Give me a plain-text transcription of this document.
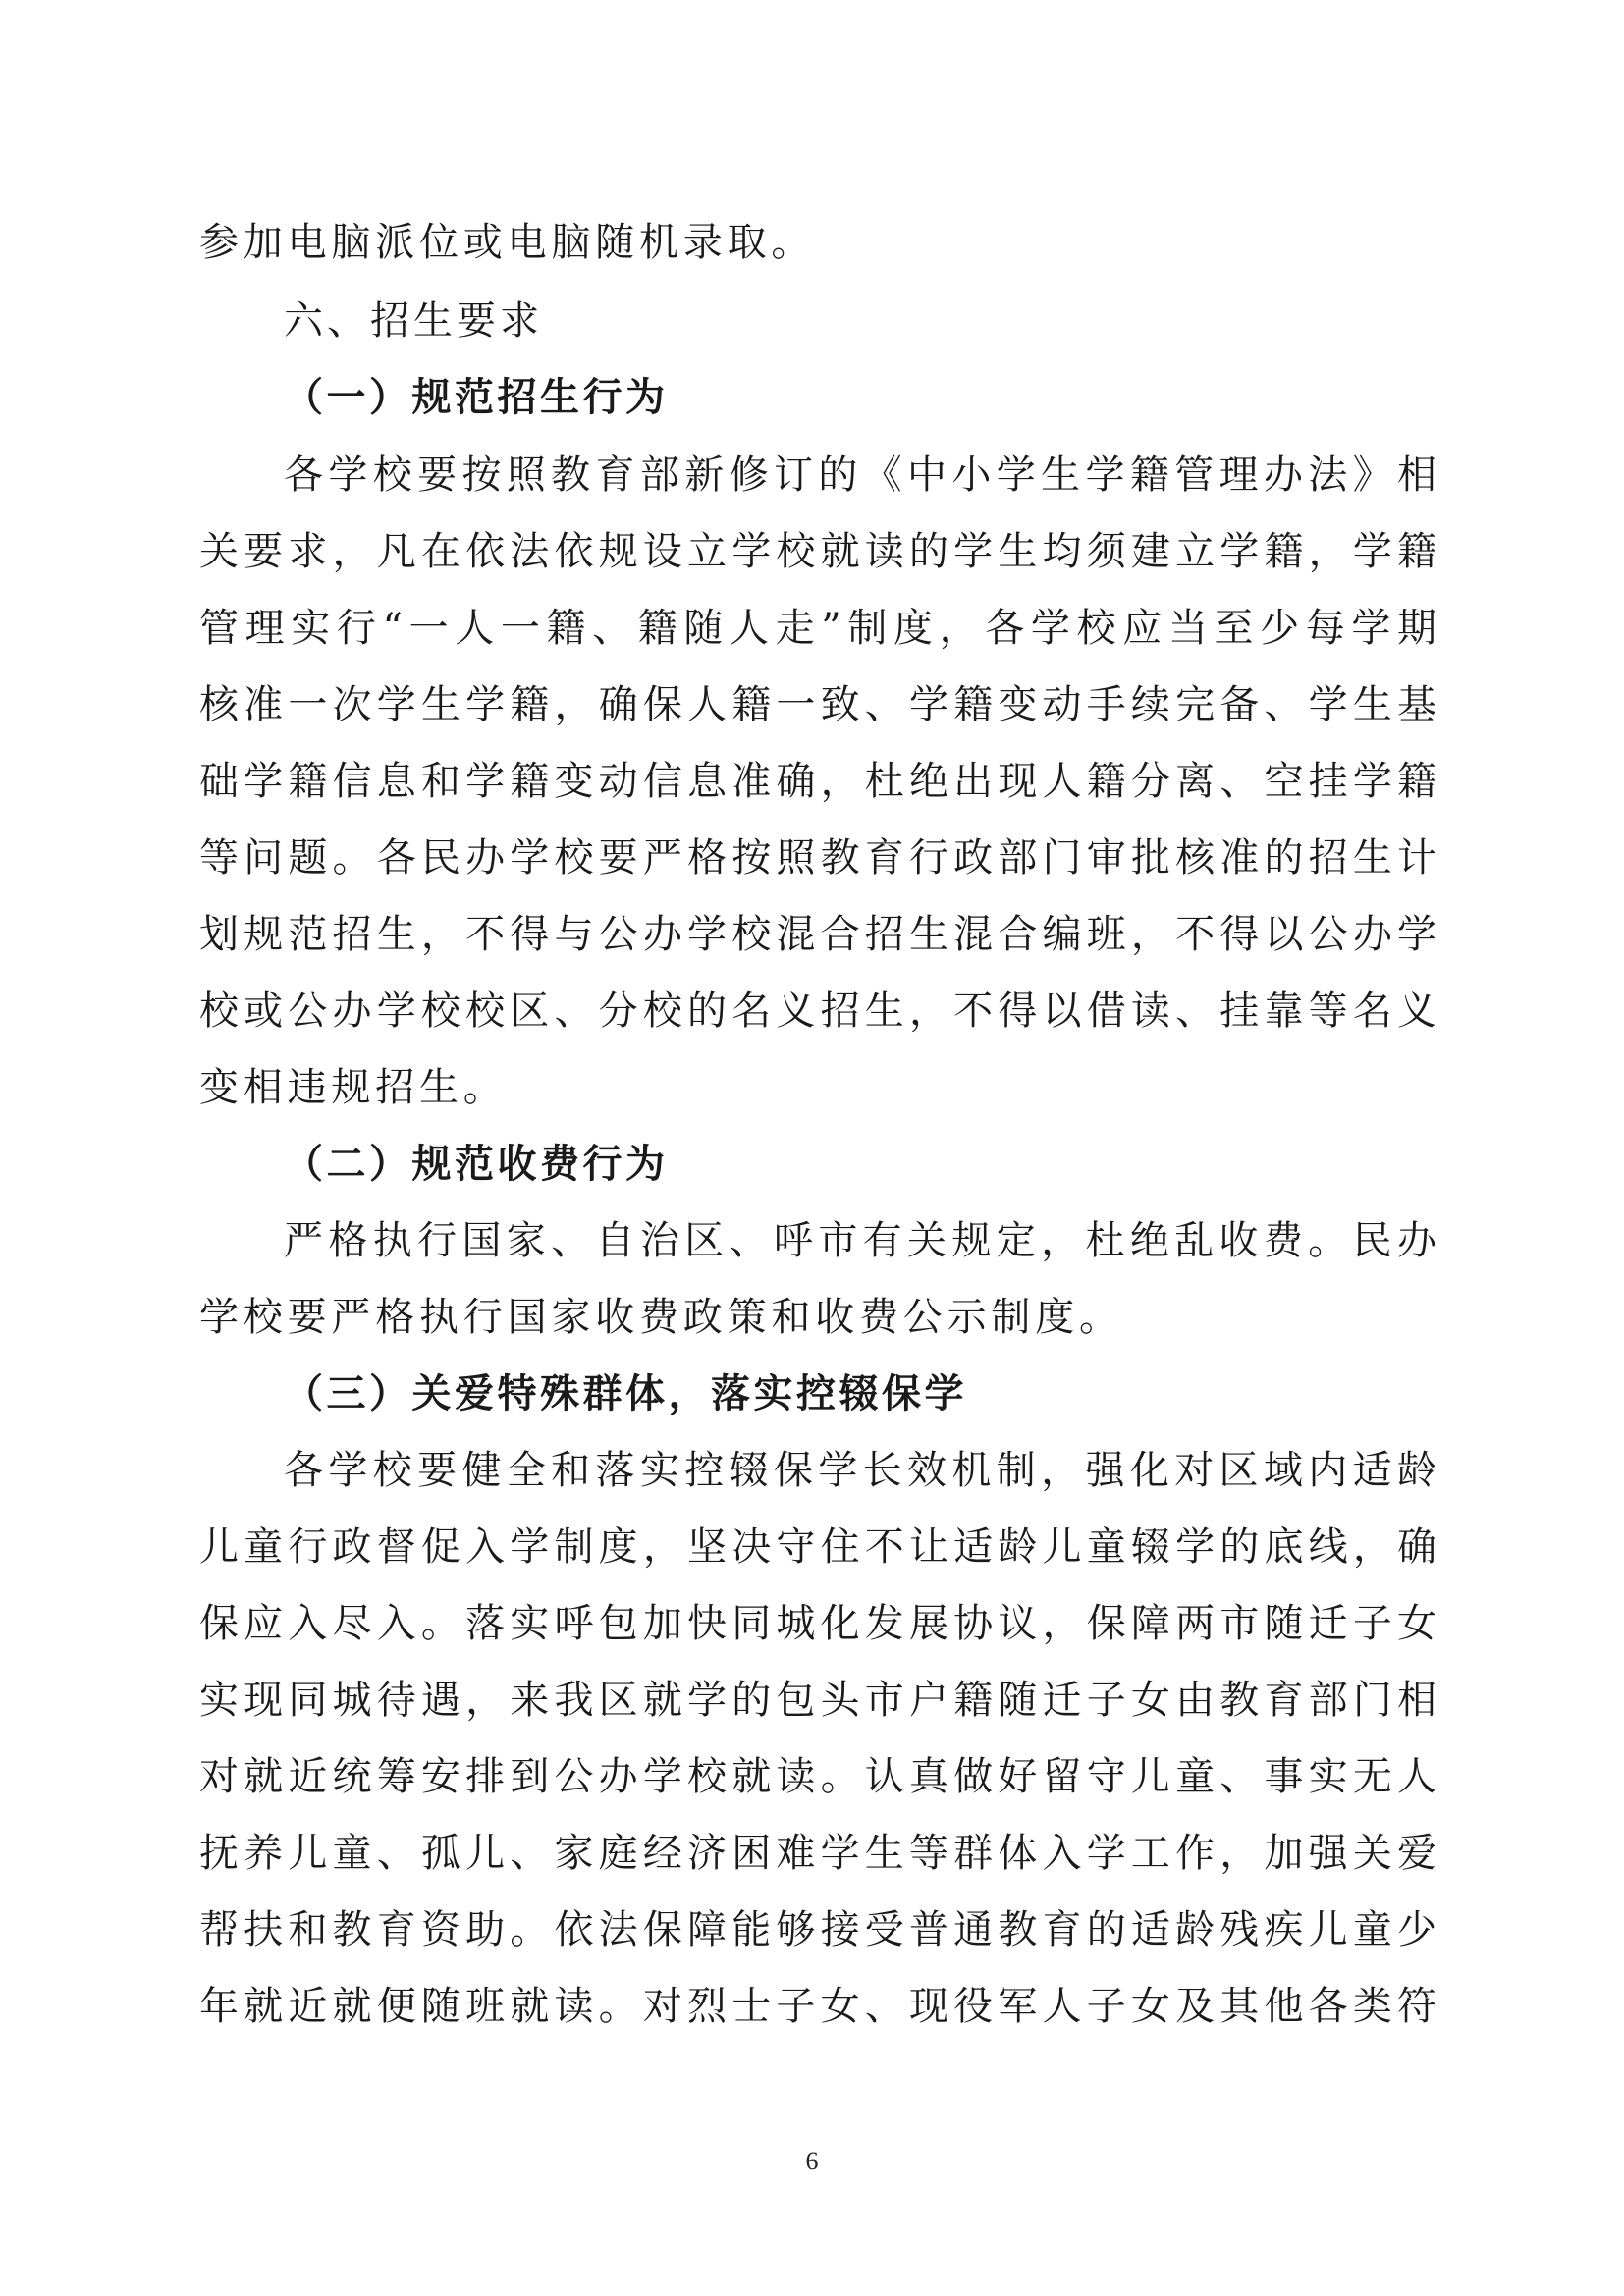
参加电脑派位或电脑随机录取。
六、招生要求
（一）规范招生行为
各学校要按照教育部新修订的《中小学生学籍管理办法》相
关要求，凡在依法依规设立学校就读的学生均须建立学籍，学籍
管理实行“一人一籍、籍随人走”制度，各学校应当至少每学期
核准一次学生学籍，确保人籍一致、学籍变动手续完备、学生基
础学籍信息和学籍变动信息准确，杜绝出现人籍分离、空挂学籍
等问题。各民办学校要严格按照教育行政部门审批核准的招生计
划规范招生，不得与公办学校混合招生混合编班，不得以公办学
校或公办学校校区、分校的名义招生，不得以借读、挂靠等名义
变相违规招生。
（二）规范收费行为
严格执行国家、自治区、呼市有关规定，杜绝乱收费。民办
学校要严格执行国家收费政策和收费公示制度。
（三）关爱特殊群体，落实控辍保学
各学校要健全和落实控辍保学长效机制，强化对区域内适龄
儿童行政督促入学制度，坚决守住不让适龄儿童辍学的底线，确
保应入尽入。落实呼包加快同城化发展协议，保障两市随迁子女
实现同城待遇，来我区就学的包头市户籍随迁子女由教育部门相
对就近统筹安排到公办学校就读。认真做好留守儿童、事实无人
抚养儿童、孤儿、家庭经济困难学生等群体入学工作，加强关爱
帮扶和教育资助。依法保障能够接受普通教育的适龄残疾儿童少
年就近就便随班就读。对烈士子女、现役军人子女及其他各类符
6
